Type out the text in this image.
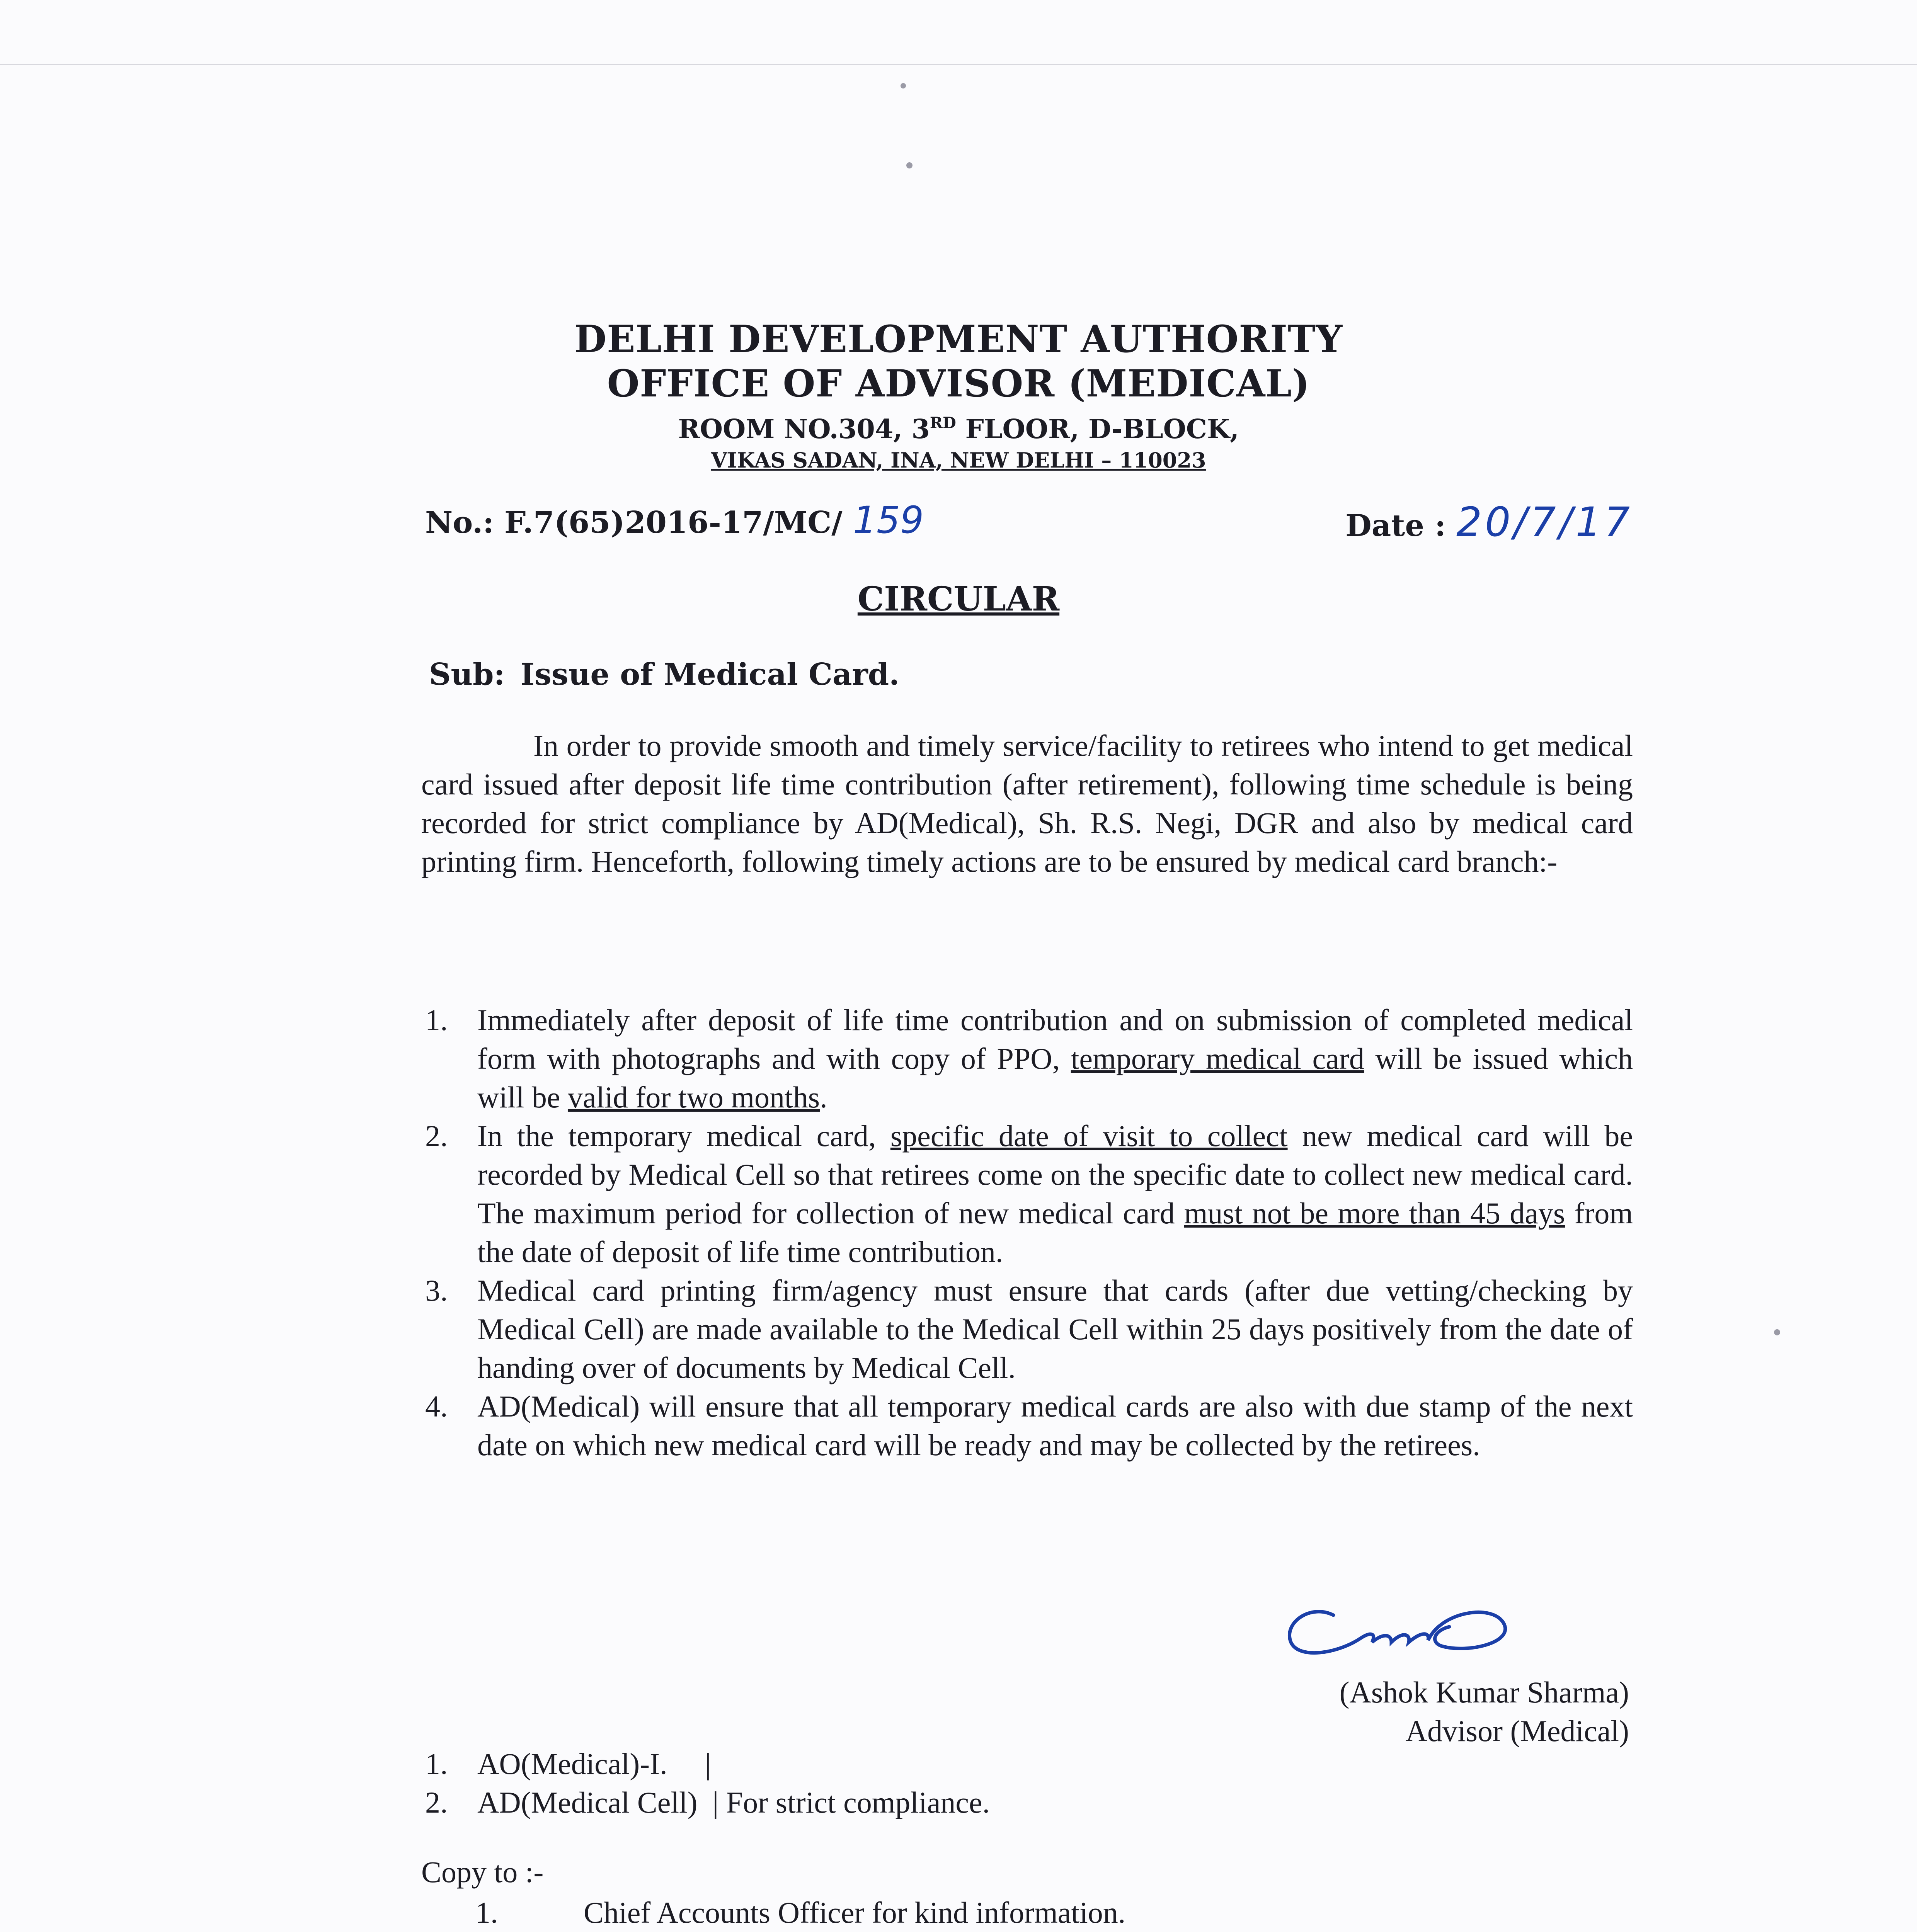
DELHI DEVELOPMENT AUTHORITY
OFFICE OF ADVISOR (MEDICAL)
ROOM NO.304, 3RD FLOOR, D-BLOCK,
VIKAS SADAN, INA, NEW DELHI – 110023
No.: F.7(65)2016-17/MC/ 159	Date : 20/7/17
CIRCULAR
Sub: Issue of Medical Card.
In order to provide smooth and timely service/facility to retirees who intend to get medical card issued after deposit life time contribution (after retirement), following time schedule is being recorded for strict compliance by AD(Medical), Sh. R.S. Negi, DGR and also by medical card printing firm. Henceforth, following timely actions are to be ensured by medical card branch:-
1. Immediately after deposit of life time contribution and on submission of completed medical form with photographs and with copy of PPO, temporary medical card will be issued which will be valid for two months.
2. In the temporary medical card, specific date of visit to collect new medical card will be recorded by Medical Cell so that retirees come on the specific date to collect new medical card. The maximum period for collection of new medical card must not be more than 45 days from the date of deposit of life time contribution.
3. Medical card printing firm/agency must ensure that cards (after due vetting/checking by Medical Cell) are made available to the Medical Cell within 25 days positively from the date of handing over of documents by Medical Cell.
4. AD(Medical) will ensure that all temporary medical cards are also with due stamp of the next date on which new medical card will be ready and may be collected by the retirees.
(Ashok Kumar Sharma)
Advisor (Medical)
1. AO(Medical)-I.     |
2. AD(Medical Cell)  | For strict compliance.
Copy to :-
1.	Chief Accounts Officer for kind information.
